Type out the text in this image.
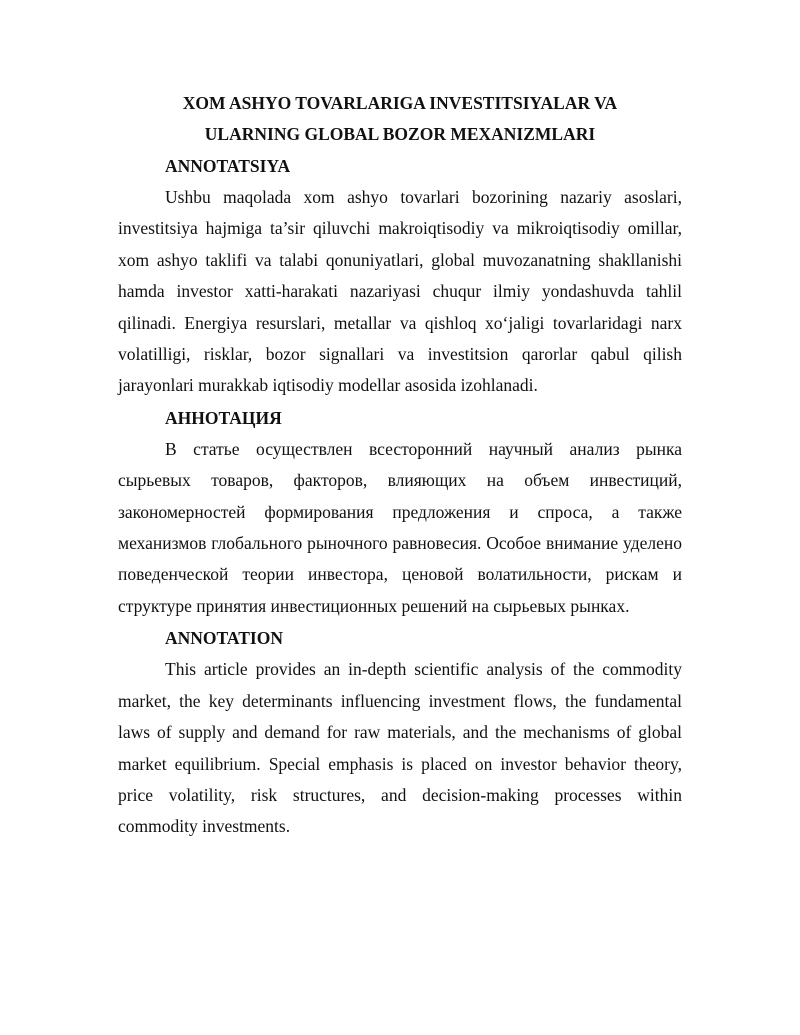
XOM ASHYO TOVARLARIGA INVESTITSIYALAR VA

ULARNING GLOBAL BOZOR MEXANIZMLARI

ANNOTATSIYA

Ushbu maqolada xom ashyo tovarlari bozorining nazariy asoslari, investitsiya hajmiga ta’sir qiluvchi makroiqtisodiy va mikroiqtisodiy omillar, xom ashyo taklifi va talabi qonuniyatlari, global muvozanatning shakllanishi hamda investor xatti-harakati nazariyasi chuqur ilmiy yondashuvda tahlil qilinadi. Energiya resurslari, metallar va qishloq xo‘jaligi tovarlaridagi narx volatilligi, risklar, bozor signallari va investitsion qarorlar qabul qilish jarayonlari murakkab iqtisodiy modellar asosida izohlanadi.

АННОТАЦИЯ

В статье осуществлен всесторонний научный анализ рынка сырьевых товаров, факторов, влияющих на объем инвестиций, закономерностей формирования предложения и спроса, а также механизмов глобального рыночного равновесия. Особое внимание уделено поведенческой теории инвестора, ценовой волатильности, рискам и структуре принятия инвестиционных решений на сырьевых рынках.

ANNOTATION

This article provides an in-depth scientific analysis of the commodity market, the key determinants influencing investment flows, the fundamental laws of supply and demand for raw materials, and the mechanisms of global market equilibrium. Special emphasis is placed on investor behavior theory, price volatility, risk structures, and decision-making processes within commodity investments.
